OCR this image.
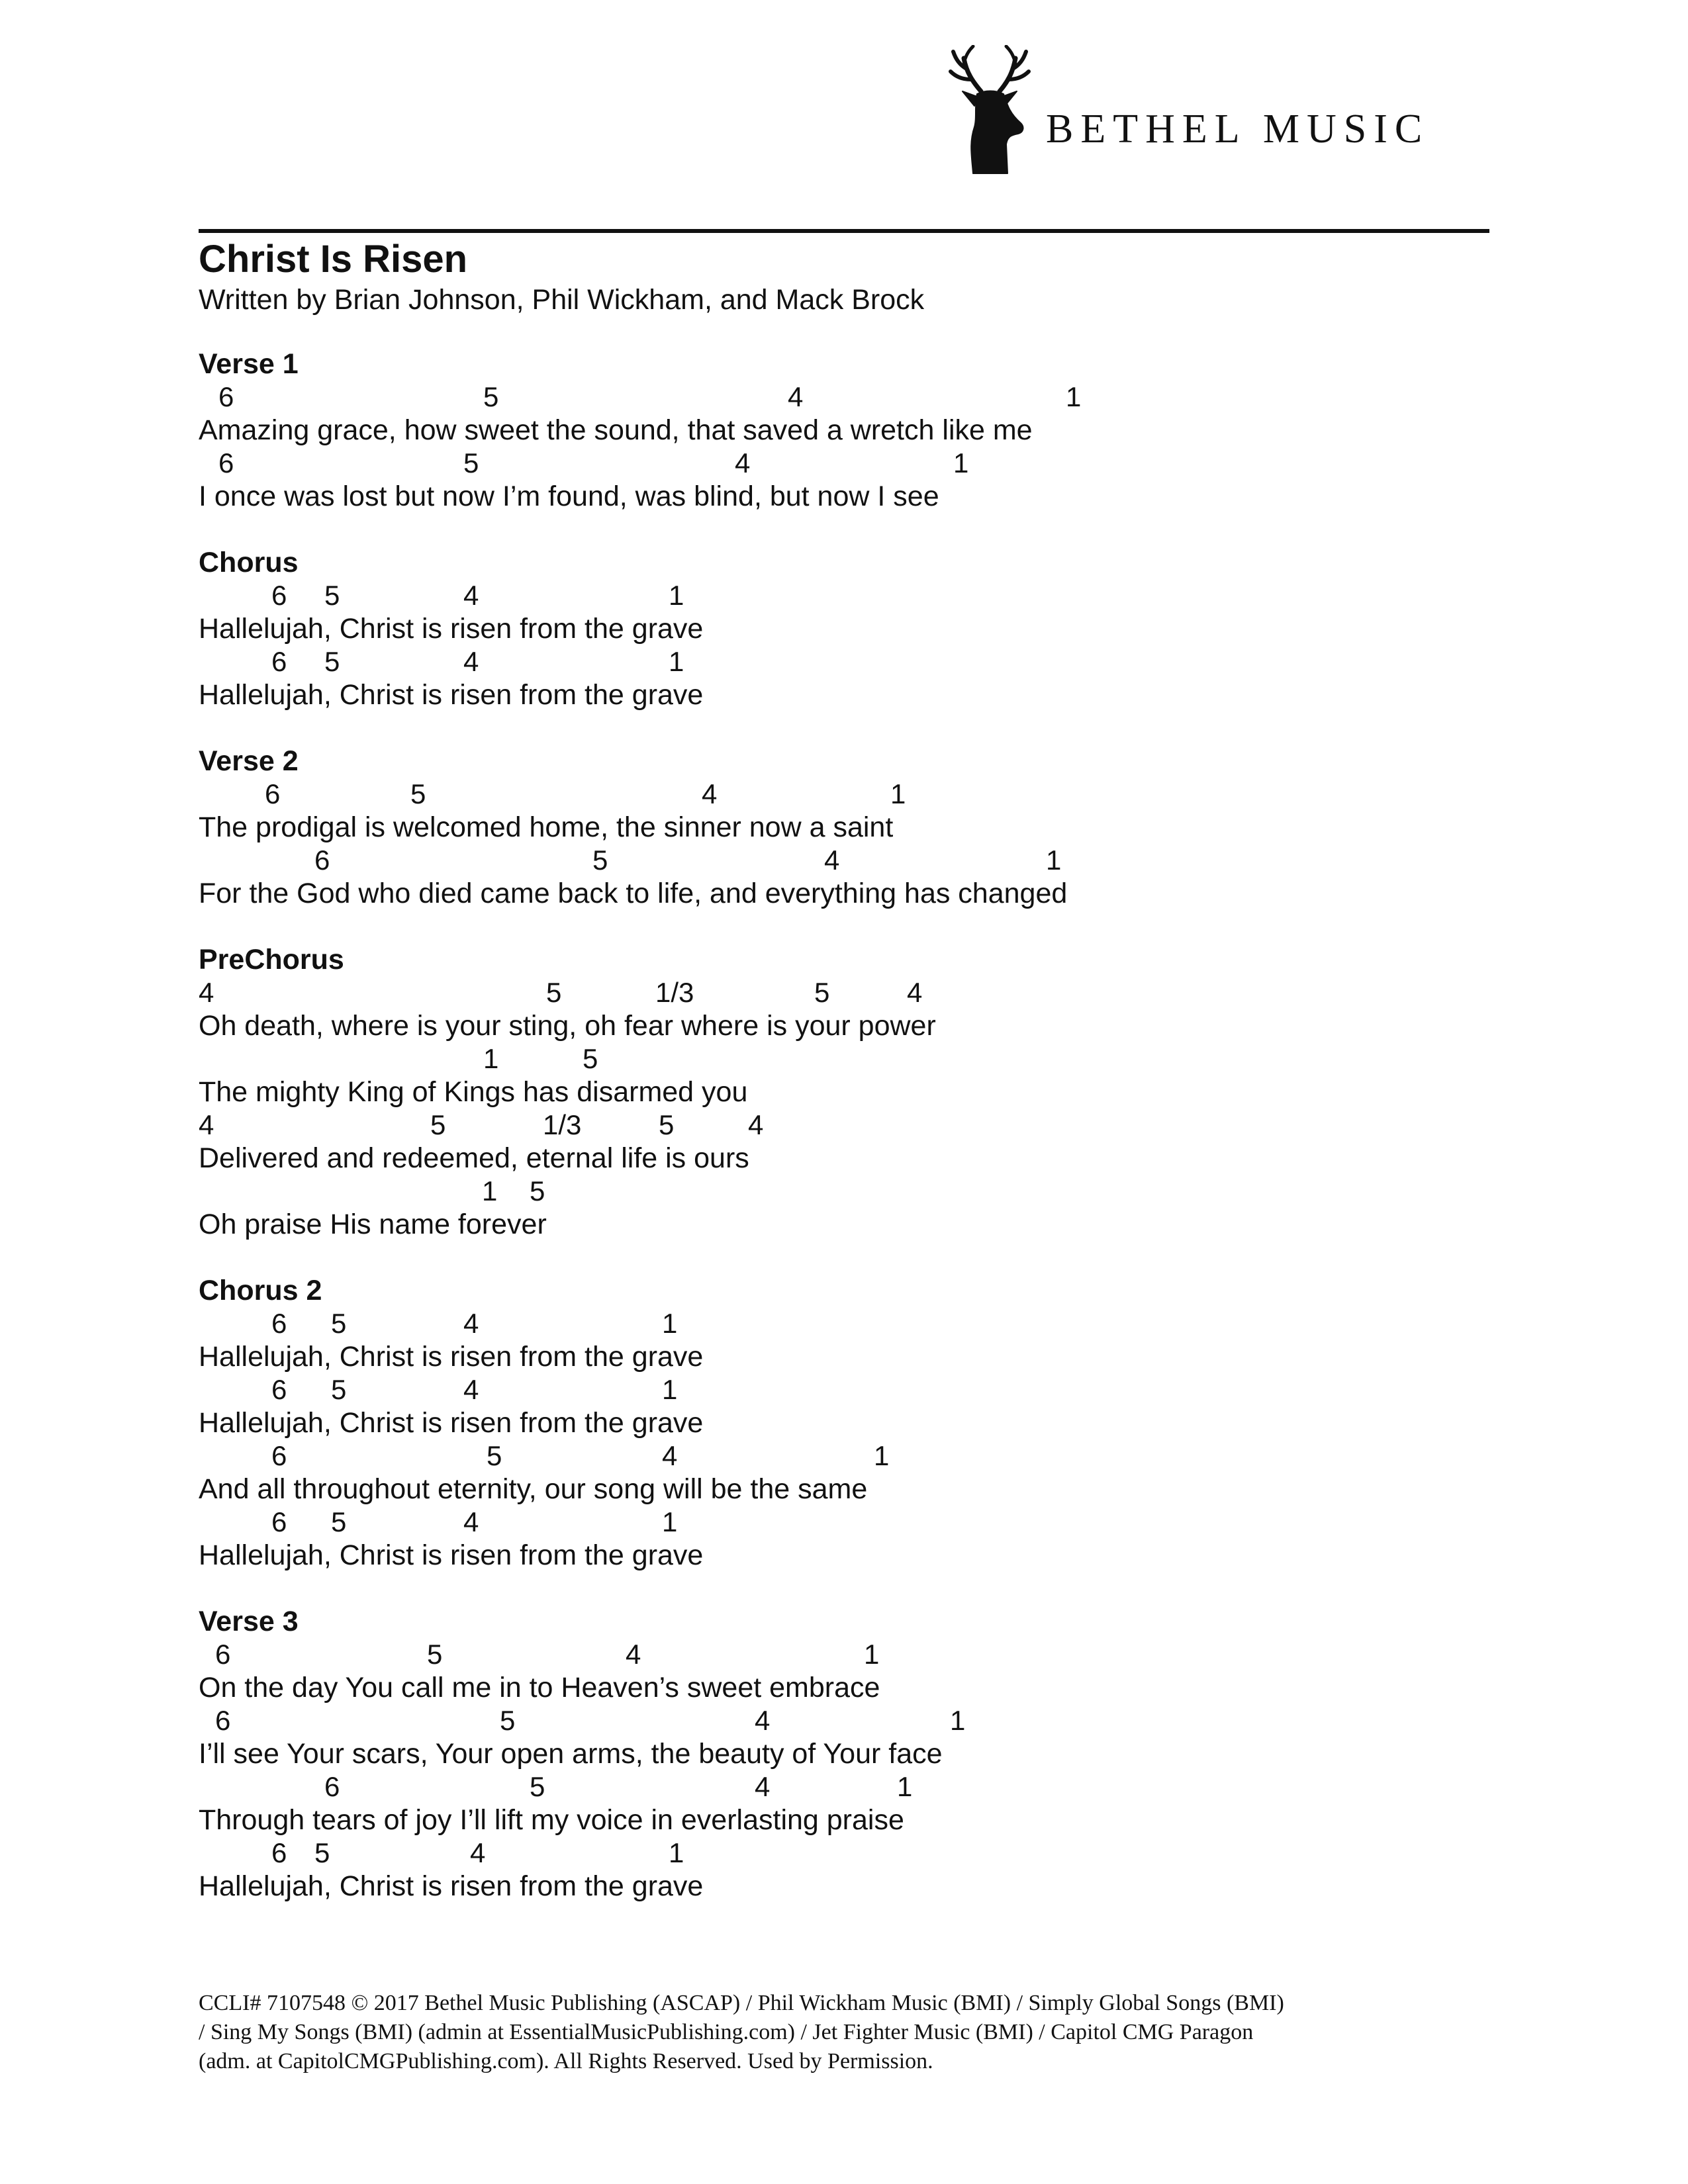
BETHEL MUSIC
Christ Is Risen
Written by Brian Johnson, Phil Wickham, and Mack Brock
Verse 1
6	5	4	1
Amazing grace, how sweet the sound, that saved a wretch like me
6	5	4	1
I once was lost but now I’m found, was blind, but now I see
Chorus
6 5	4	1
Hallelujah, Christ is risen from the grave
6 5	4	1
Hallelujah, Christ is risen from the grave
Verse 2
6	5	4	1
The prodigal is welcomed home, the sinner now a saint
6	5	4	1
For the God who died came back to life, and everything has changed
PreChorus
4	5	1/3	5	4
Oh death, where is your sting, oh fear where is your power
1	5
The mighty King of Kings has disarmed you
4	5	1/3	5	4
Delivered and redeemed, eternal life is ours
1 5
Oh praise His name forever
Chorus 2
6 5	4	1
Hallelujah, Christ is risen from the grave
6 5	4	1
Hallelujah, Christ is risen from the grave
6	5	4	1
And all throughout eternity, our song will be the same
6 5	4	1
Hallelujah, Christ is risen from the grave
Verse 3
6	5	4	1
On the day You call me in to Heaven’s sweet embrace
6	5	4	1
I’ll see Your scars, Your open arms, the beauty of Your face
6	5	4	1
Through tears of joy I’ll lift my voice in everlasting praise
6 5	4	1
Hallelujah, Christ is risen from the grave
CCLI# 7107548 © 2017 Bethel Music Publishing (ASCAP) / Phil Wickham Music (BMI) / Simply Global Songs (BMI)
/ Sing My Songs (BMI) (admin at EssentialMusicPublishing.com) / Jet Fighter Music (BMI) / Capitol CMG Paragon
(adm. at CapitolCMGPublishing.com). All Rights Reserved. Used by Permission.
